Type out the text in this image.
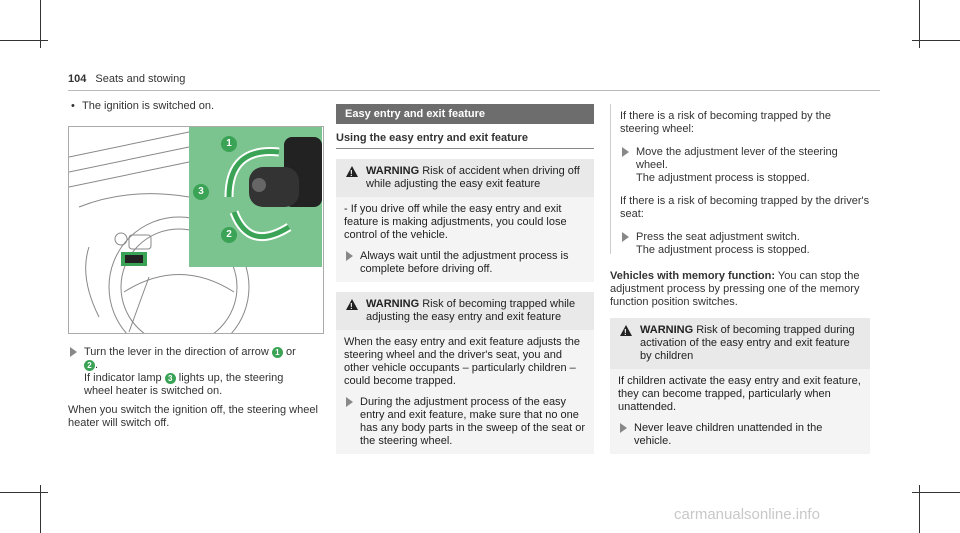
104 Seats and stowing
• The ignition is switched on.
1
3
2
Turn the lever in the direction of arrow 1 or
2 .
If indicator lamp 3 lights up, the steering
wheel heater is switched on.
When you switch the ignition off, the steering wheel heater will switch off.
Easy entry and exit feature
Using the easy entry and exit feature
!
WARNING Risk of accident when driving off while adjusting the easy exit feature
- If you drive off while the easy entry and exit feature is making adjustments, you could lose control of the vehicle.
Always wait until the adjustment process is complete before driving off.
!
WARNING Risk of becoming trapped while adjusting the easy entry and exit feature
When the easy entry and exit feature adjusts the steering wheel and the driver's seat, you and other vehicle occupants – particularly children – could become trapped.
During the adjustment process of the easy entry and exit feature, make sure that no one has any body parts in the sweep of the seat or the steering wheel.
If there is a risk of becoming trapped by the steering wheel:
Move the adjustment lever of the steering wheel.
The adjustment process is stopped.
If there is a risk of becoming trapped by the driver's seat:
Press the seat adjustment switch.
The adjustment process is stopped.
Vehicles with memory function: You can stop the adjustment process by pressing one of the memory function position switches.
!
WARNING Risk of becoming trapped during activation of the easy entry and exit feature by children
If children activate the easy entry and exit feature, they can become trapped, particularly when unattended.
Never leave children unattended in the vehicle.
carmanualsonline.info
